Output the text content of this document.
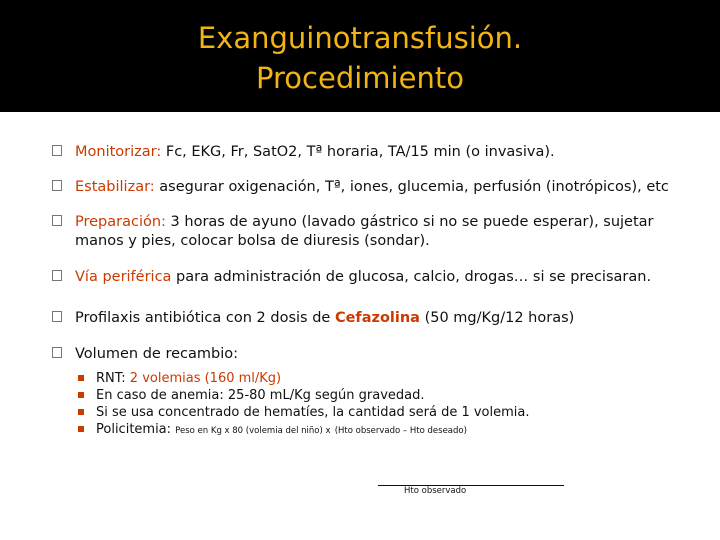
Exanguinotransfusión.
Procedimiento
Monitorizar: Fc, EKG, Fr, SatO2, Tª horaria, TA/15 min (o invasiva).
Estabilizar: asegurar oxigenación, Tª, iones, glucemia, perfusión (inotrópicos), etc
Preparación: 3 horas de ayuno (lavado gástrico si no se puede esperar), sujetar manos y pies, colocar bolsa de diuresis (sondar).
Vía periférica para administración de glucosa, calcio, drogas… si se precisaran.
Profilaxis antibiótica con 2 dosis de Cefazolina (50 mg/Kg/12 horas)
Volumen de recambio:
RNT: 2 volemias (160 ml/Kg)
En caso de anemia: 25-80 mL/Kg según gravedad.
Si se usa concentrado de hematíes, la cantidad será de 1 volemia.
Policitemia: Peso en Kg x 80 (volemia del niño) x (Hto observado – Hto deseado)
Hto observado
